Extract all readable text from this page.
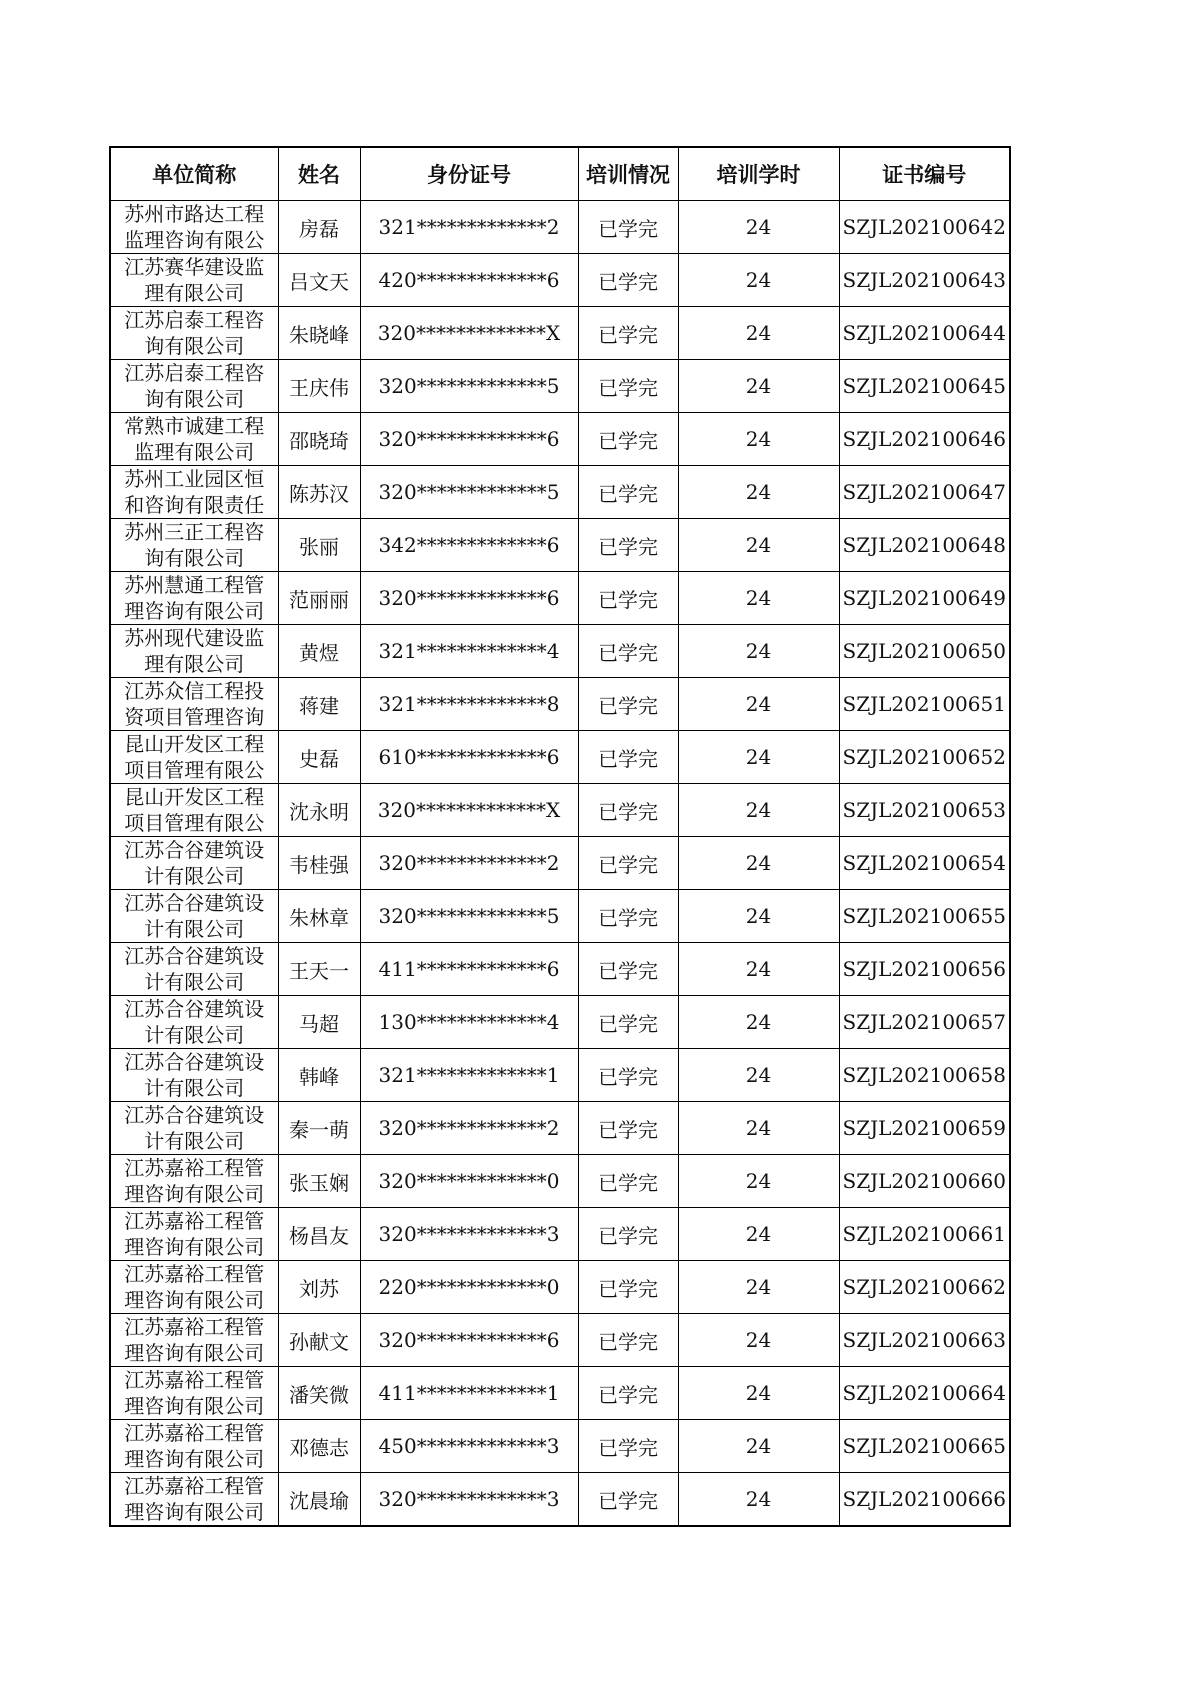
单位简称	姓名	身份证号	培训情况	培训学时	证书编号

苏州市路达工程
监理咨询有限公	房磊	321*************2	已学完	24	SZJL202100642

江苏赛华建设监
理有限公司	吕文天	420*************6	已学完	24	SZJL202100643

江苏启泰工程咨
询有限公司	朱晓峰	320*************X	已学完	24	SZJL202100644

江苏启泰工程咨
询有限公司	王庆伟	320*************5	已学完	24	SZJL202100645

常熟市诚建工程
监理有限公司	邵晓琦	320*************6	已学完	24	SZJL202100646

苏州工业园区恒
和咨询有限责任	陈苏汉	320*************5	已学完	24	SZJL202100647

苏州三正工程咨
询有限公司	张丽	342*************6	已学完	24	SZJL202100648

苏州慧通工程管
理咨询有限公司	范丽丽	320*************6	已学完	24	SZJL202100649

苏州现代建设监
理有限公司	黄煜	321*************4	已学完	24	SZJL202100650

江苏众信工程投
资项目管理咨询	蒋建	321*************8	已学完	24	SZJL202100651

昆山开发区工程
项目管理有限公	史磊	610*************6	已学完	24	SZJL202100652

昆山开发区工程
项目管理有限公	沈永明	320*************X	已学完	24	SZJL202100653

江苏合谷建筑设
计有限公司	韦桂强	320*************2	已学完	24	SZJL202100654

江苏合谷建筑设
计有限公司	朱林章	320*************5	已学完	24	SZJL202100655

江苏合谷建筑设
计有限公司	王天一	411*************6	已学完	24	SZJL202100656

江苏合谷建筑设
计有限公司	马超	130*************4	已学完	24	SZJL202100657

江苏合谷建筑设
计有限公司	韩峰	321*************1	已学完	24	SZJL202100658

江苏合谷建筑设
计有限公司	秦一萌	320*************2	已学完	24	SZJL202100659

江苏嘉裕工程管
理咨询有限公司	张玉娴	320*************0	已学完	24	SZJL202100660

江苏嘉裕工程管
理咨询有限公司	杨昌友	320*************3	已学完	24	SZJL202100661

江苏嘉裕工程管
理咨询有限公司	刘苏	220*************0	已学完	24	SZJL202100662

江苏嘉裕工程管
理咨询有限公司	孙献文	320*************6	已学完	24	SZJL202100663

江苏嘉裕工程管
理咨询有限公司	潘笑微	411*************1	已学完	24	SZJL202100664

江苏嘉裕工程管
理咨询有限公司	邓德志	450*************3	已学完	24	SZJL202100665

江苏嘉裕工程管
理咨询有限公司	沈晨瑜	320*************3	已学完	24	SZJL202100666
